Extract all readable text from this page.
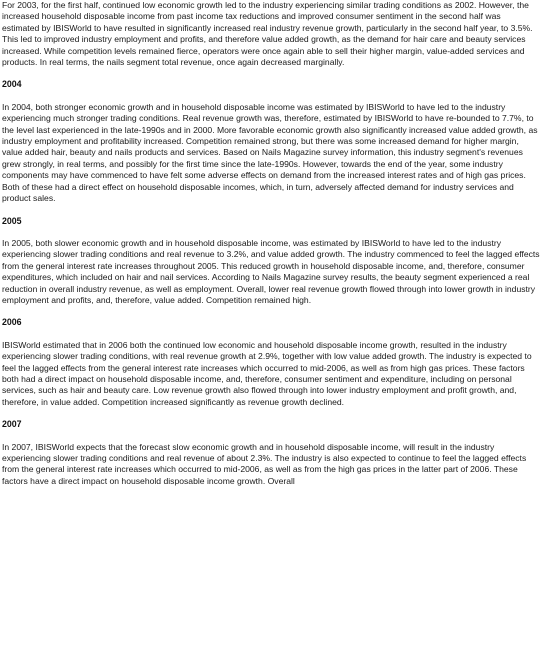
For 2003, for the first half, continued low economic growth led to the industry experiencing similar trading conditions as 2002. However, the increased household disposable income from past income tax reductions and improved consumer sentiment in the second half was estimated by IBISWorld to have resulted in significantly increased real industry revenue growth, particularly in the second half year, to 3.5%. This led to improved industry employment and profits, and therefore value added growth, as the demand for hair care and beauty services increased. While competition levels remained fierce, operators were once again able to sell their higher margin, value-added services and products. In real terms, the nails segment total revenue, once again decreased marginally.

2004

In 2004, both stronger economic growth and in household disposable income was estimated by IBISWorld to have led to the industry experiencing much stronger trading conditions. Real revenue growth was, therefore, estimated by IBISWorld to have re-bounded to 7.7%, to the level last experienced in the late-1990s and in 2000. More favorable economic growth also significantly increased value added growth, as industry employment and profitability increased. Competition remained strong, but there was some increased demand for higher margin, value added hair, beauty and nails products and services. Based on Nails Magazine survey information, this industry segment's revenues grew strongly, in real terms, and possibly for the first time since the late-1990s. However, towards the end of the year, some industry components may have commenced to have felt some adverse effects on demand from the increased interest rates and of high gas prices. Both of these had a direct effect on household disposable incomes, which, in turn, adversely affected demand for industry services and product sales.

2005

In 2005, both slower economic growth and in household disposable income, was estimated by IBISWorld to have led to the industry experiencing slower trading conditions and real revenue to 3.2%, and value added growth. The industry commenced to feel the lagged effects from the general interest rate increases throughout 2005. This reduced growth in household disposable income, and, therefore, consumer expenditures, which included on hair and nail services. According to Nails Magazine survey results, the beauty segment experienced a real reduction in overall industry revenue, as well as employment. Overall, lower real revenue growth flowed through into lower growth in industry employment and profits, and, therefore, value added. Competition remained high.

2006

IBISWorld estimated that in 2006 both the continued low economic and household disposable income growth, resulted in the industry experiencing slower trading conditions, with real revenue growth at 2.9%, together with low value added growth. The industry is expected to feel the lagged effects from the general interest rate increases which occurred to mid-2006, as well as from high gas prices. These factors both had a direct impact on household disposable income, and, therefore, consumer sentiment and expenditure, including on personal services, such as hair and beauty care. Low revenue growth also flowed through into lower industry employment and profit growth, and, therefore, in value added. Competition increased significantly as revenue growth declined.

2007

In 2007, IBISWorld expects that the forecast slow economic growth and in household disposable income, will result in the industry experiencing slower trading conditions and real revenue of about 2.3%. The industry is also expected to continue to feel the lagged effects from the general interest rate increases which occurred to mid-2006, as well as from the high gas prices in the latter part of 2006. These factors have a direct impact on household disposable income growth. Overall
